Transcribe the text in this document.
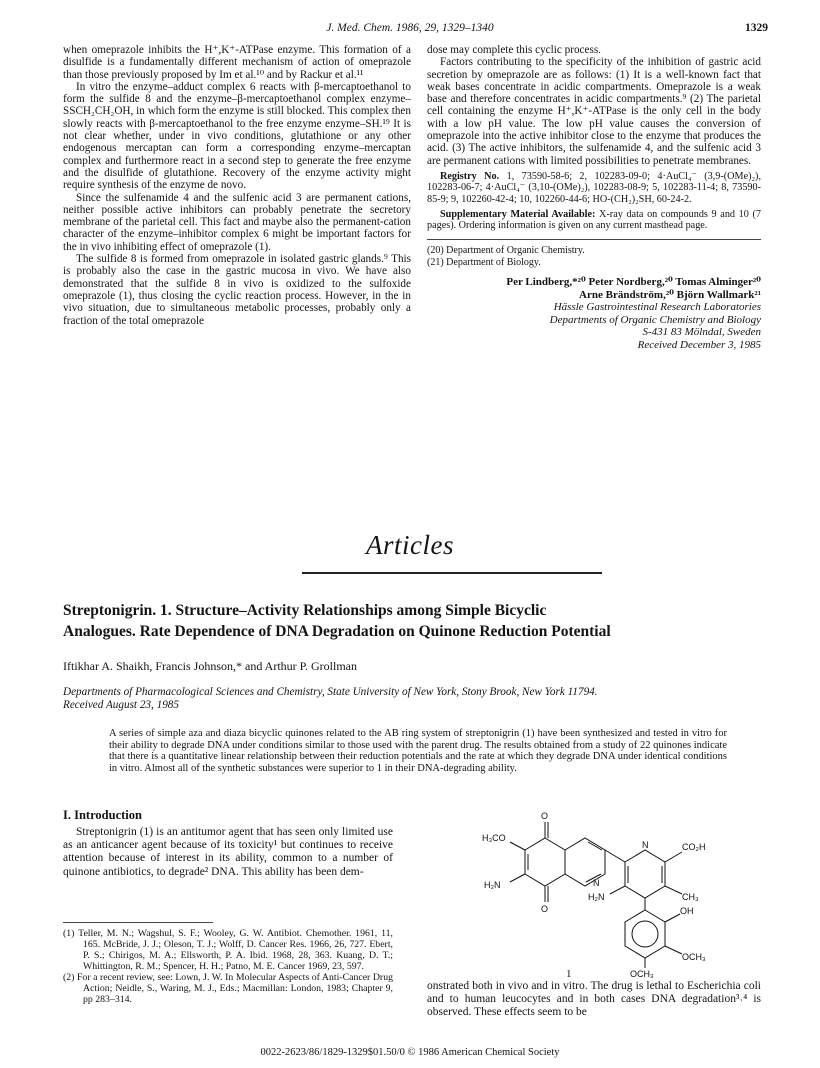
J. Med. Chem. 1986, 29, 1329–1340	1329

when omeprazole inhibits the H⁺,K⁺-ATPase enzyme. This formation of a disulfide is a fundamentally different mechanism of action of omeprazole than those previously proposed by Im et al.¹⁰ and by Rackur et al.¹¹

In vitro the enzyme–adduct complex 6 reacts with β-mercaptoethanol to form the sulfide 8 and the enzyme–β-mercaptoethanol complex enzyme–SSCH₂CH₂OH, in which form the enzyme is still blocked. This complex then slowly reacts with β-mercaptoethanol to the free enzyme enzyme–SH.¹⁹ It is not clear whether, under in vivo conditions, glutathione or any other endogenous mercaptan can form a corresponding enzyme–mercaptan complex and furthermore react in a second step to generate the free enzyme and the disulfide of glutathione. Recovery of the enzyme activity might require synthesis of the enzyme de novo.

Since the sulfenamide 4 and the sulfenic acid 3 are permanent cations, neither possible active inhibitors can probably penetrate the secretory membrane of the parietal cell. This fact and maybe also the permanent-cation character of the enzyme–inhibitor complex 6 might be important factors for the in vivo inhibiting effect of omeprazole (1).

The sulfide 8 is formed from omeprazole in isolated gastric glands.⁹ This is probably also the case in the gastric mucosa in vivo. We have also demonstrated that the sulfide 8 in vivo is oxidized to the sulfoxide omeprazole (1), thus closing the cyclic reaction process. However, in the in vivo situation, due to simultaneous metabolic processes, probably only a fraction of the total omeprazole

dose may complete this cyclic process.

Factors contributing to the specificity of the inhibition of gastric acid secretion by omeprazole are as follows: (1) It is a well-known fact that weak bases concentrate in acidic compartments. Omeprazole is a weak base and therefore concentrates in acidic compartments.⁹ (2) The parietal cell containing the enzyme H⁺,K⁺-ATPase is the only cell in the body with a low pH value. The low pH value causes the conversion of omeprazole into the active inhibitor close to the enzyme that produces the acid. (3) The active inhibitors, the sulfenamide 4, and the sulfenic acid 3 are permanent cations with limited possibilities to penetrate membranes.

Registry No. 1, 73590-58-6; 2, 102283-09-0; 4·AuCl₄⁻ (3,9-(OMe)₂), 102283-06-7; 4·AuCl₄⁻ (3,10-(OMe)₂), 102283-08-9; 5, 102283-11-4; 8, 73590-85-9; 9, 102260-42-4; 10, 102260-44-6; HO-(CH₂)₂SH, 60-24-2.

Supplementary Material Available: X-ray data on compounds 9 and 10 (7 pages). Ordering information is given on any current masthead page.

(20) Department of Organic Chemistry.
(21) Department of Biology.
Per Lindberg,*²⁰ Peter Nordberg,²⁰ Tomas Alminger²⁰
Arne Brändström,²⁰ Björn Wallmark²¹
Hässle Gastrointestinal Research Laboratories
Departments of Organic Chemistry and Biology
S-431 83 Mölndal, Sweden
Received December 3, 1985
Articles
Streptonigrin. 1. Structure–Activity Relationships among Simple Bicyclic
Analogues. Rate Dependence of DNA Degradation on Quinone Reduction Potential
Iftikhar A. Shaikh, Francis Johnson,* and Arthur P. Grollman
Departments of Pharmacological Sciences and Chemistry, State University of New York, Stony Brook, New York 11794.
Received August 23, 1985
A series of simple aza and diaza bicyclic quinones related to the AB ring system of streptonigrin (1) have been synthesized and tested in vitro for their ability to degrade DNA under conditions similar to those used with the parent drug. The results obtained from a study of 22 quinones indicate that there is a quantitative linear relationship between their reduction potentials and the rate at which they degrade DNA under identical conditions in vitro. Almost all of the synthetic substances were superior to 1 in their DNA-degrading ability.
I. Introduction

Streptonigrin (1) is an antitumor agent that has seen only limited use as an anticancer agent because of its toxicity¹ but continues to receive attention because of interest in its ability, common to a number of quinone antibiotics, to degrade² DNA. This ability has been dem-

O
H₃CO
H₂N	N
O
N	CO₂H
H₂N	CH₃
OH
OCH₃
OCH₃
1
onstrated both in vivo and in vitro. The drug is lethal to Escherichia coli and to human leucocytes and in both cases DNA degradation³˒⁴ is observed. These effects seem to be
(1) Teller, M. N.; Wagshul, S. F.; Wooley, G. W. Antibiot. Chemother. 1961, 11, 165. McBride, J. J.; Oleson, T. J.; Wolff, D. Cancer Res. 1966, 26, 727. Ebert, P. S.; Chirigos, M. A.; Ellsworth, P. A. Ibid. 1968, 28, 363. Kuang, D. T.; Whittington, R. M.; Spencer, H. H.; Patno, M. E. Cancer 1969, 23, 597.
(2) For a recent review, see: Lown, J. W. In Molecular Aspects of Anti-Cancer Drug Action; Neidle, S., Waring, M. J., Eds.; Macmillan: London, 1983; Chapter 9, pp 283–314.
0022-2623/86/1829-1329$01.50/0 © 1986 American Chemical Society
